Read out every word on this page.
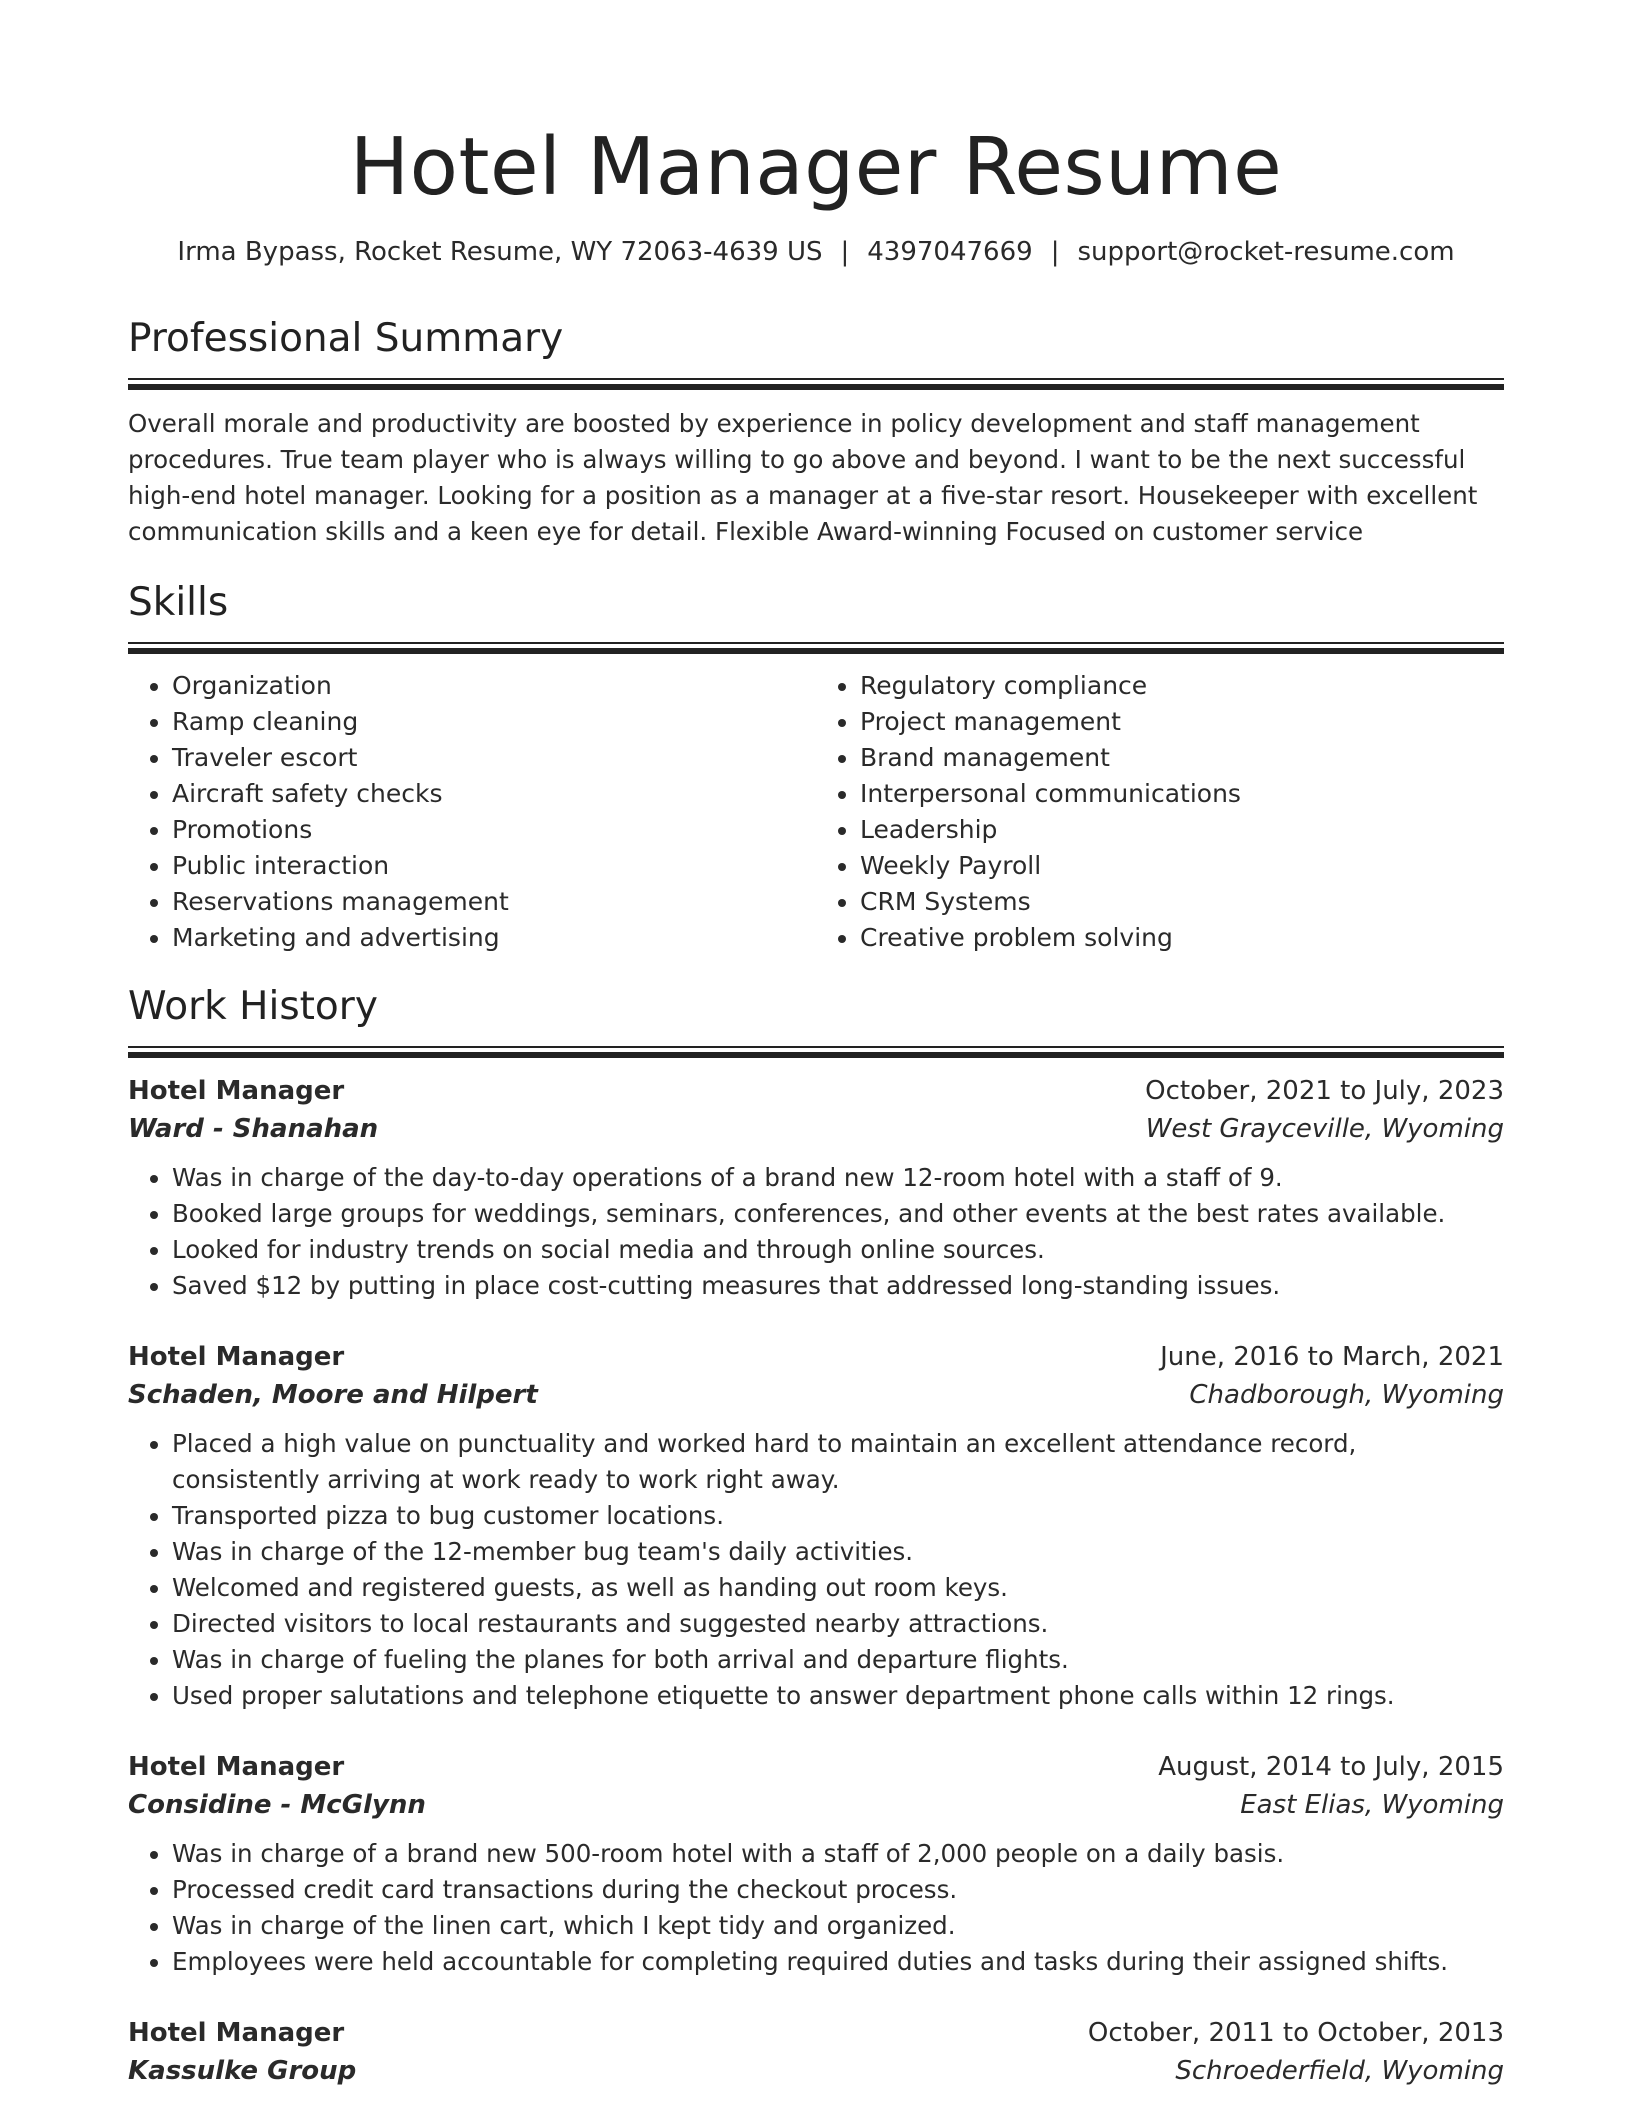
Hotel Manager Resume
Irma Bypass, Rocket Resume, WY 72063-4639 US | 4397047669 | support@rocket-resume.com
Professional Summary
Overall morale and productivity are boosted by experience in policy development and staff management procedures. True team player who is always willing to go above and beyond. I want to be the next successful high-end hotel manager. Looking for a position as a manager at a five-star resort. Housekeeper with excellent communication skills and a keen eye for detail. Flexible Award-winning Focused on customer service
Skills
• Organization
• Ramp cleaning
• Traveler escort
• Aircraft safety checks
• Promotions
• Public interaction
• Reservations management
• Marketing and advertising
• Regulatory compliance
• Project management
• Brand management
• Interpersonal communications
• Leadership
• Weekly Payroll
• CRM Systems
• Creative problem solving
Work History
Hotel Manager	October, 2021 to July, 2023
Ward - Shanahan	West Grayceville, Wyoming
• Was in charge of the day-to-day operations of a brand new 12-room hotel with a staff of 9.
• Booked large groups for weddings, seminars, conferences, and other events at the best rates available.
• Looked for industry trends on social media and through online sources.
• Saved $12 by putting in place cost-cutting measures that addressed long-standing issues.
Hotel Manager	June, 2016 to March, 2021
Schaden, Moore and Hilpert	Chadborough, Wyoming
• Placed a high value on punctuality and worked hard to maintain an excellent attendance record, consistently arriving at work ready to work right away.
• Transported pizza to bug customer locations.
• Was in charge of the 12-member bug team's daily activities.
• Welcomed and registered guests, as well as handing out room keys.
• Directed visitors to local restaurants and suggested nearby attractions.
• Was in charge of fueling the planes for both arrival and departure flights.
• Used proper salutations and telephone etiquette to answer department phone calls within 12 rings.
Hotel Manager	August, 2014 to July, 2015
Considine - McGlynn	East Elias, Wyoming
• Was in charge of a brand new 500-room hotel with a staff of 2,000 people on a daily basis.
• Processed credit card transactions during the checkout process.
• Was in charge of the linen cart, which I kept tidy and organized.
• Employees were held accountable for completing required duties and tasks during their assigned shifts.
Hotel Manager	October, 2011 to October, 2013
Kassulke Group	Schroederfield, Wyoming
